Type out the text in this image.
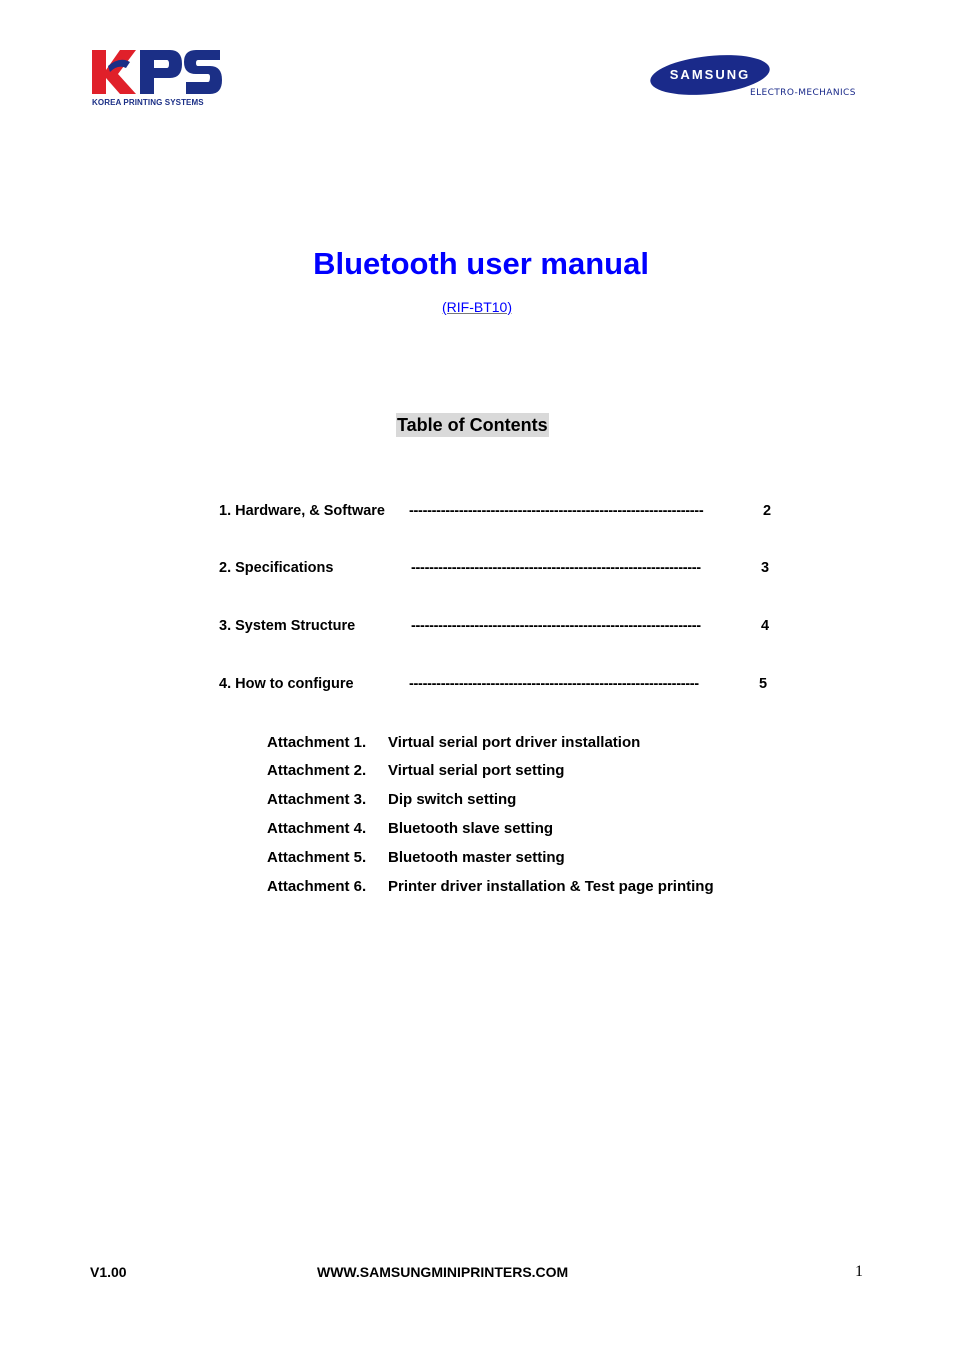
KOREA PRINTING SYSTEMS
SAMSUNG
ELECTRO-MECHANICS
Bluetooth user manual
(RIF-BT10)
Table of Contents
1. Hardware, & Software -----------------------------------------------------------------	2
2. Specifications	----------------------------------------------------------------	3
3. System Structure	----------------------------------------------------------------	4
4. How to configure	----------------------------------------------------------------	5
Attachment 1. Virtual serial port driver installation
Attachment 2. Virtual serial port setting
Attachment 3. Dip switch setting
Attachment 4. Bluetooth slave setting
Attachment 5. Bluetooth master setting
Attachment 6. Printer driver installation & Test page printing
V1.00	WWW.SAMSUNGMINIPRINTERS.COM	1
